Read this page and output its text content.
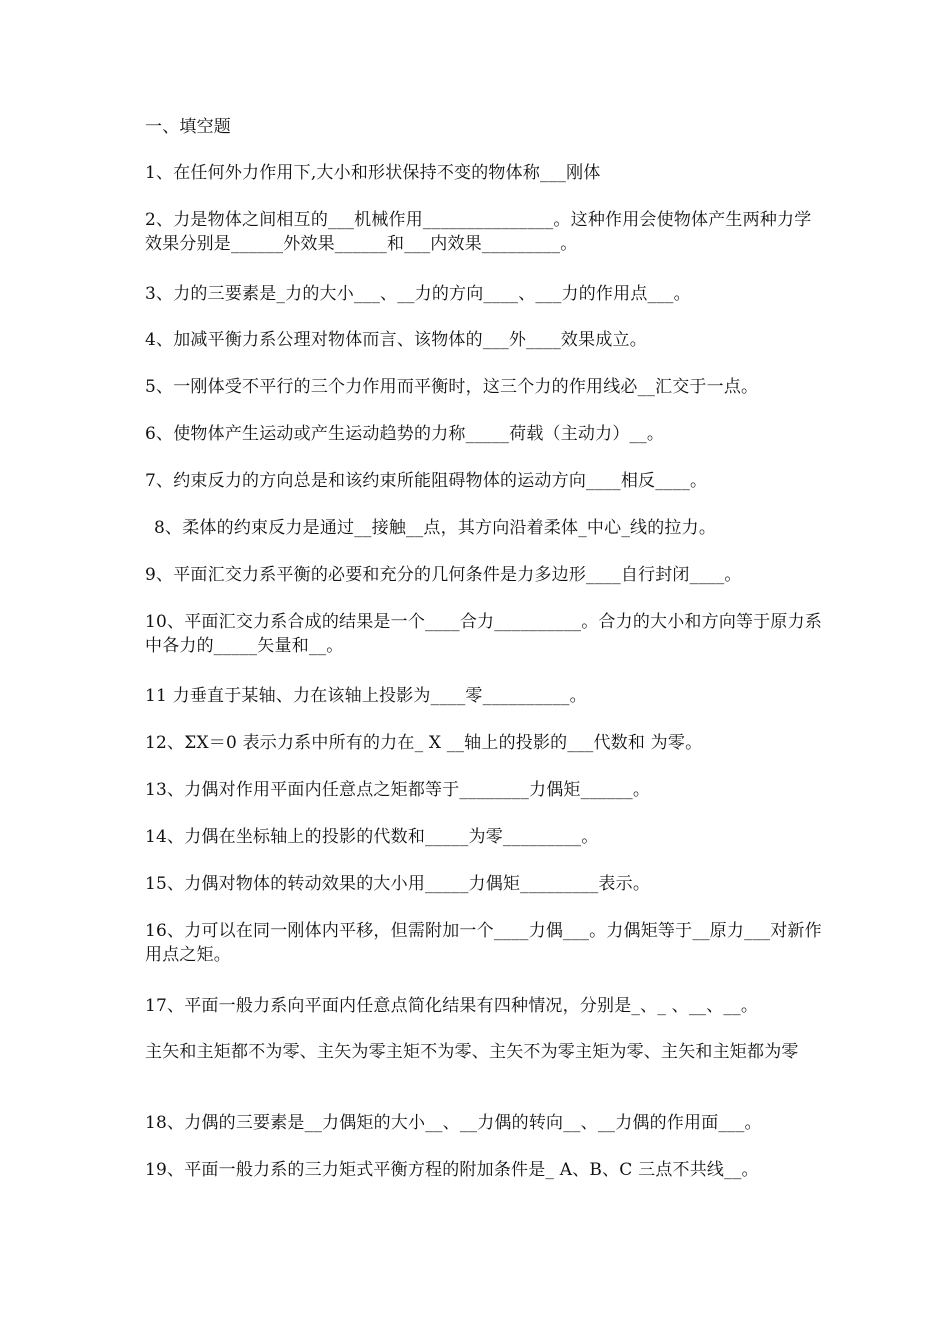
一、填空题
1、在任何外力作用下,大小和形状保持不变的物体称___刚体
2、力是物体之间相互的___机械作用_______________。这种作用会使物体产生两种力学效果分别是______外效果______和___内效果_________。
3、力的三要素是_力的大小___、__力的方向____、___力的作用点___。
4、加减平衡力系公理对物体而言、该物体的___外____效果成立。
5、一刚体受不平行的三个力作用而平衡时，这三个力的作用线必__汇交于一点。
6、使物体产生运动或产生运动趋势的力称_____荷载（主动力）__。
7、约束反力的方向总是和该约束所能阻碍物体的运动方向____相反____。
8、柔体的约束反力是通过__接触__点，其方向沿着柔体_中心_线的拉力。
9、平面汇交力系平衡的必要和充分的几何条件是力多边形____自行封闭____。
10、平面汇交力系合成的结果是一个____合力__________。合力的大小和方向等于原力系中各力的_____矢量和__。
11 力垂直于某轴、力在该轴上投影为____零__________。
12、ΣX＝0 表示力系中所有的力在_ X __轴上的投影的___代数和 为零。
13、力偶对作用平面内任意点之矩都等于________力偶矩______。
14、力偶在坐标轴上的投影的代数和_____为零_________。
15、力偶对物体的转动效果的大小用_____力偶矩_________表示。
16、力可以在同一刚体内平移，但需附加一个____力偶___。力偶矩等于__原力___对新作用点之矩。
17、平面一般力系向平面内任意点简化结果有四种情况，分别是_、_ 、__、__。
主矢和主矩都不为零、主矢为零主矩不为零、主矢不为零主矩为零、主矢和主矩都为零
18、力偶的三要素是__力偶矩的大小__、__力偶的转向__、__力偶的作用面___。
19、平面一般力系的三力矩式平衡方程的附加条件是_ A、B、C 三点不共线__。
